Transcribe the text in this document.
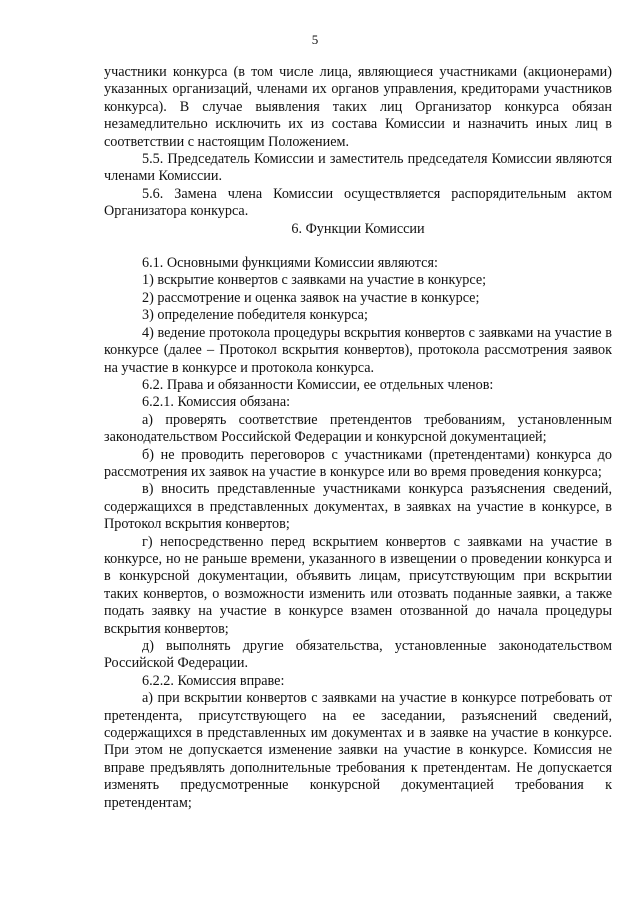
5

участники конкурса (в том числе лица, являющиеся участниками (акционерами) указанных организаций, членами их органов управления, кредиторами участников конкурса). В случае выявления таких лиц Организатор конкурса обязан незамедлительно исключить их из состава Комиссии и назначить иных лиц в соответствии с настоящим Положением.

5.5. Председатель Комиссии и заместитель председателя Комиссии являются членами Комиссии.

5.6. Замена члена Комиссии осуществляется распорядительным актом Организатора конкурса.

6. Функции Комиссии

6.1. Основными функциями Комиссии являются:

1) вскрытие конвертов с заявками на участие в конкурсе;

2) рассмотрение и оценка заявок на участие в конкурсе;

3) определение победителя конкурса;

4) ведение протокола процедуры вскрытия конвертов с заявками на участие в конкурсе (далее – Протокол вскрытия конвертов), протокола рассмотрения заявок на участие в конкурсе и протокола конкурса.

6.2. Права и обязанности Комиссии, ее отдельных членов:

6.2.1. Комиссия обязана:

а) проверять соответствие претендентов требованиям, установленным законодательством Российской Федерации и конкурсной документацией;

б) не проводить переговоров с участниками (претендентами) конкурса до рассмотрения их заявок на участие в конкурсе или во время проведения конкурса;

в) вносить представленные участниками конкурса разъяснения сведений, содержащихся в представленных документах, в заявках на участие в конкурсе, в Протокол вскрытия конвертов;

г) непосредственно перед вскрытием конвертов с заявками на участие в конкурсе, но не раньше времени, указанного в извещении о проведении конкурса и в конкурсной документации, объявить лицам, присутствующим при вскрытии таких конвертов, о возможности изменить или отозвать поданные заявки, а также подать заявку на участие в конкурсе взамен отозванной до начала процедуры вскрытия конвертов;

д) выполнять другие обязательства, установленные законодательством Российской Федерации.

6.2.2. Комиссия вправе:

а) при вскрытии конвертов с заявками на участие в конкурсе потребовать от претендента, присутствующего на ее заседании, разъяснений сведений, содержащихся в представленных им документах и в заявке на участие в конкурсе. При этом не допускается изменение заявки на участие в конкурсе. Комиссия не вправе предъявлять дополнительные требования к претендентам. Не допускается изменять предусмотренные конкурсной документацией требования к претендентам;
